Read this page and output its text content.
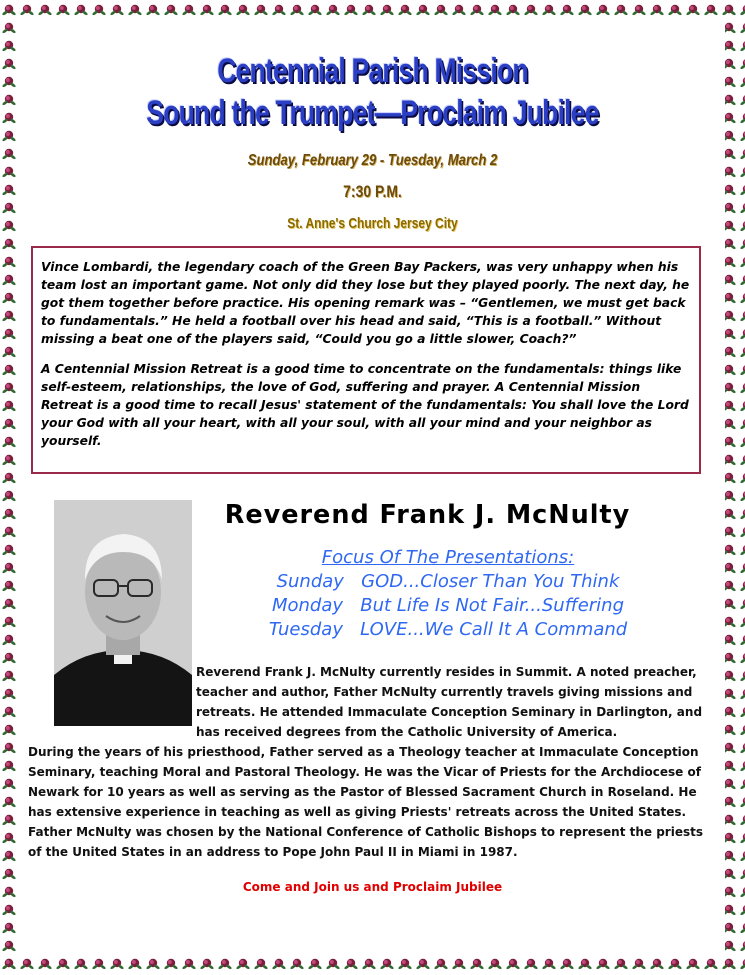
Centennial Parish Mission
Sound the Trumpet—Proclaim Jubilee
Sunday, February 29 - Tuesday, March 2
7:30 P.M.
St. Anne's Church Jersey City

Vince Lombardi, the legendary coach of the Green Bay Packers, was very unhappy when his team lost an important game. Not only did they lose but they played poorly. The next day, he got them together before practice. His opening remark was – “Gentlemen, we must get back to fundamentals.” He held a football over his head and said, “This is a football.” Without missing a beat one of the players said, “Could you go a little slower, Coach?”

A Centennial Mission Retreat is a good time to concentrate on the fundamentals: things like self-esteem, relationships, the love of God, suffering and prayer. A Centennial Mission Retreat is a good time to recall Jesus' statement of the fundamentals: You shall love the Lord your God with all your heart, with all your soul, with all your mind and your neighbor as yourself.

Reverend Frank J. McNulty
Focus Of The Presentations:
Sunday GOD...Closer Than You Think
Monday But Life Is Not Fair...Suffering
Tuesday LOVE...We Call It A Command

Reverend Frank J. McNulty currently resides in Summit. A noted preacher, teacher and author, Father McNulty currently travels giving missions and retreats. He attended Immaculate Conception Seminary in Darlington, and has received degrees from the Catholic University of America.

During the years of his priesthood, Father served as a Theology teacher at Immaculate Conception Seminary, teaching Moral and Pastoral Theology. He was the Vicar of Priests for the Archdiocese of Newark for 10 years as well as serving as the Pastor of Blessed Sacrament Church in Roseland. He has extensive experience in teaching as well as giving Priests' retreats across the United States. Father McNulty was chosen by the National Conference of Catholic Bishops to represent the priests of the United States in an address to Pope John Paul II in Miami in 1987.

Come and Join us and Proclaim Jubilee
